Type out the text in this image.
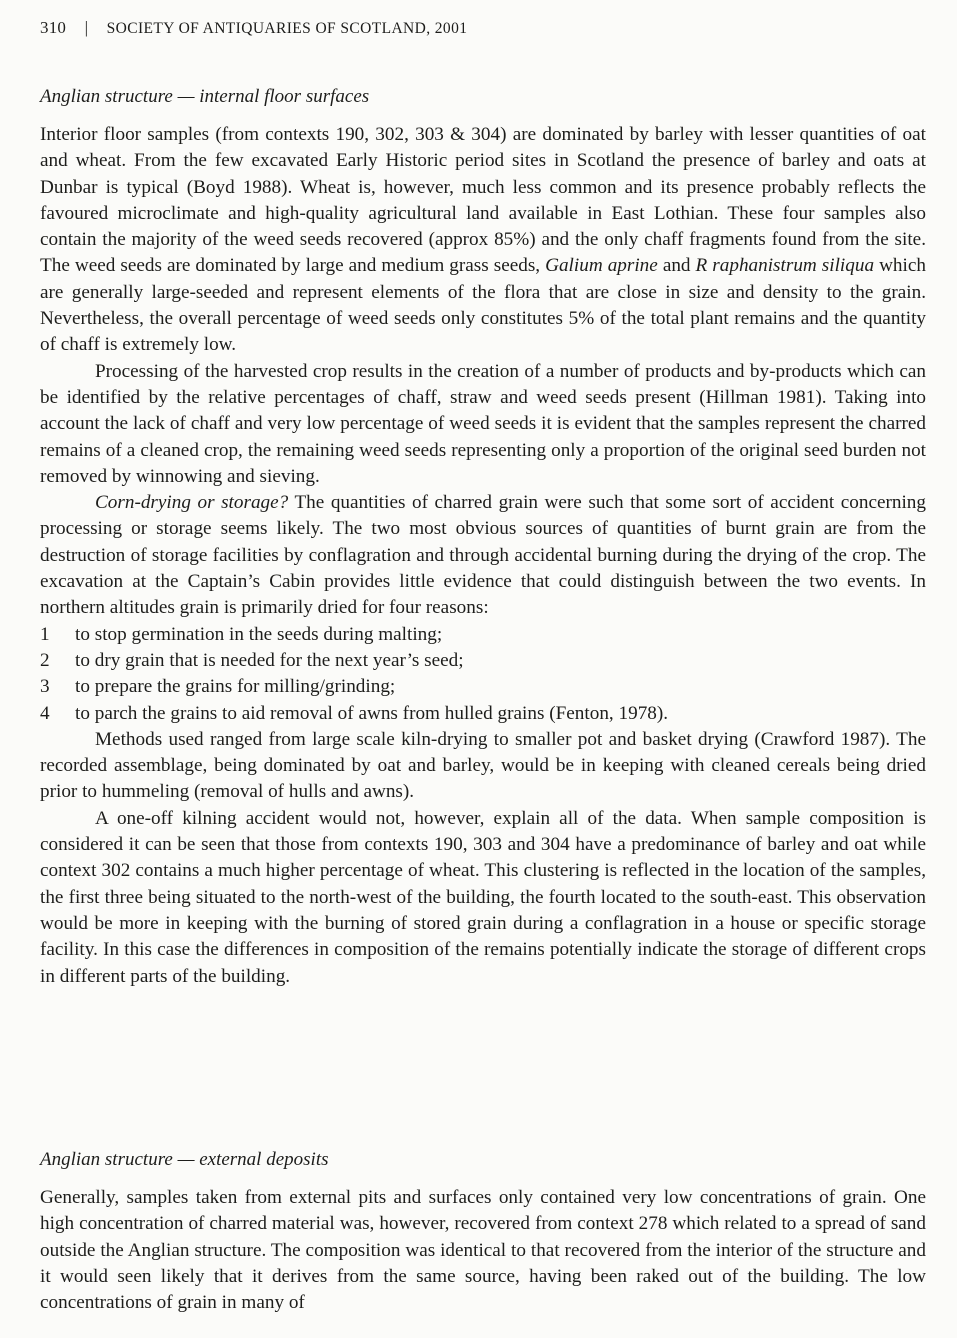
310 | SOCIETY OF ANTIQUARIES OF SCOTLAND, 2001
Anglian structure — internal floor surfaces

Interior floor samples (from contexts 190, 302, 303 & 304) are dominated by barley with lesser quantities of oat and wheat. From the few excavated Early Historic period sites in Scotland the presence of barley and oats at Dunbar is typical (Boyd 1988). Wheat is, however, much less common and its presence probably reflects the favoured microclimate and high-quality agricultural land available in East Lothian. These four samples also contain the majority of the weed seeds recovered (approx 85%) and the only chaff fragments found from the site. The weed seeds are dominated by large and medium grass seeds, Galium aprine and R raphanistrum siliqua which are generally large-seeded and represent elements of the flora that are close in size and density to the grain. Nevertheless, the overall percentage of weed seeds only constitutes 5% of the total plant remains and the quantity of chaff is extremely low.

Processing of the harvested crop results in the creation of a number of products and by-products which can be identified by the relative percentages of chaff, straw and weed seeds present (Hillman 1981). Taking into account the lack of chaff and very low percentage of weed seeds it is evident that the samples represent the charred remains of a cleaned crop, the remaining weed seeds representing only a proportion of the original seed burden not removed by winnowing and sieving.

Corn-drying or storage? The quantities of charred grain were such that some sort of accident concerning processing or storage seems likely. The two most obvious sources of quantities of burnt grain are from the destruction of storage facilities by conflagration and through accidental burning during the drying of the crop. The excavation at the Captain’s Cabin provides little evidence that could distinguish between the two events. In northern altitudes grain is primarily dried for four reasons:

1	to stop germination in the seeds during malting;
2	to dry grain that is needed for the next year’s seed;
3	to prepare the grains for milling/grinding;
4	to parch the grains to aid removal of awns from hulled grains (Fenton, 1978).

Methods used ranged from large scale kiln-drying to smaller pot and basket drying (Crawford 1987). The recorded assemblage, being dominated by oat and barley, would be in keeping with cleaned cereals being dried prior to hummeling (removal of hulls and awns).

A one-off kilning accident would not, however, explain all of the data. When sample composition is considered it can be seen that those from contexts 190, 303 and 304 have a predominance of barley and oat while context 302 contains a much higher percentage of wheat. This clustering is reflected in the location of the samples, the first three being situated to the north-west of the building, the fourth located to the south-east. This observation would be more in keeping with the burning of stored grain during a conflagration in a house or specific storage facility. In this case the differences in composition of the remains potentially indicate the storage of different crops in different parts of the building.

Anglian structure — external deposits

Generally, samples taken from external pits and surfaces only contained very low concentrations of grain. One high concentration of charred material was, however, recovered from context 278 which related to a spread of sand outside the Anglian structure. The composition was identical to that recovered from the interior of the structure and it would seen likely that it derives from the same source, having been raked out of the building. The low concentrations of grain in many of
